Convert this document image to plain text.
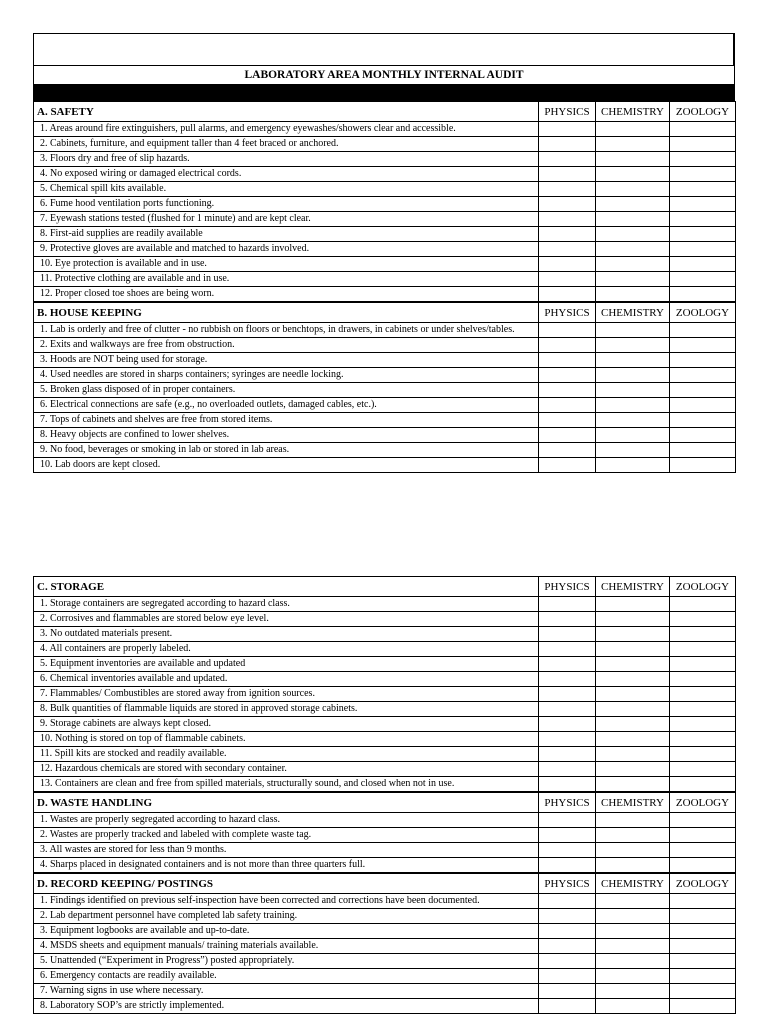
LABORATORY AREA MONTHLY INTERNAL AUDIT
A. SAFETY	PHYSICS	CHEMISTRY	ZOOLOGY
1. Areas around fire extinguishers, pull alarms, and emergency eyewashes/showers clear and accessible.			
2. Cabinets, furniture, and equipment taller than 4 feet braced or anchored.			
3. Floors dry and free of slip hazards.			
4. No exposed wiring or damaged electrical cords.			
5. Chemical spill kits available.			
6. Fume hood ventilation ports functioning.			
7. Eyewash stations tested (flushed for 1 minute) and are kept clear.			
8. First-aid supplies are readily available			
9. Protective gloves are available and matched to hazards involved.			
10. Eye protection is available and in use.			
11. Protective clothing are available and in use.			
12. Proper closed toe shoes are being worn.			
B. HOUSE KEEPING	PHYSICS	CHEMISTRY	ZOOLOGY
1. Lab is orderly and free of clutter - no rubbish on floors or benchtops, in drawers, in cabinets or under shelves/tables.			
2. Exits and walkways are free from obstruction.			
3. Hoods are NOT being used for storage.			
4. Used needles are stored in sharps containers; syringes are needle locking.			
5. Broken glass disposed of in proper containers.			
6. Electrical connections are safe (e.g., no overloaded outlets, damaged cables, etc.).			
7. Tops of cabinets and shelves are free from stored items.			
8. Heavy objects are confined to lower shelves.			
9. No food, beverages or smoking in lab or stored in lab areas.			
10. Lab doors are kept closed.			
C. STORAGE	PHYSICS	CHEMISTRY	ZOOLOGY
1. Storage containers are segregated according to hazard class.			
2. Corrosives and flammables are stored below eye level.			
3. No outdated materials present.			
4. All containers are properly labeled.			
5. Equipment inventories are available and updated			
6. Chemical inventories available and updated.			
7. Flammables/ Combustibles are stored away from ignition sources.			
8. Bulk quantities of flammable liquids are stored in approved storage cabinets.			
9. Storage cabinets are always kept closed.			
10. Nothing is stored on top of flammable cabinets.			
11. Spill kits are stocked and readily available.			
12. Hazardous chemicals are stored with secondary container.			
13. Containers are clean and free from spilled materials, structurally sound, and closed when not in use.			
D. WASTE HANDLING	PHYSICS	CHEMISTRY	ZOOLOGY
1. Wastes are properly segregated according to hazard class.			
2. Wastes are properly tracked and labeled with complete waste tag.			
3. All wastes are stored for less than 9 months.			
4. Sharps placed in designated containers and is not more than three quarters full.			
D. RECORD KEEPING/ POSTINGS	PHYSICS	CHEMISTRY	ZOOLOGY
1. Findings identified on previous self-inspection have been corrected and corrections have been documented.			
2. Lab department personnel have completed lab safety training.			
3. Equipment logbooks are available and up-to-date.			
4. MSDS sheets and equipment manuals/ training materials available.			
5. Unattended (“Experiment in Progress”) posted appropriately.			
6. Emergency contacts are readily available.			
7. Warning signs in use where necessary.			
8. Laboratory SOP’s are strictly implemented.			
